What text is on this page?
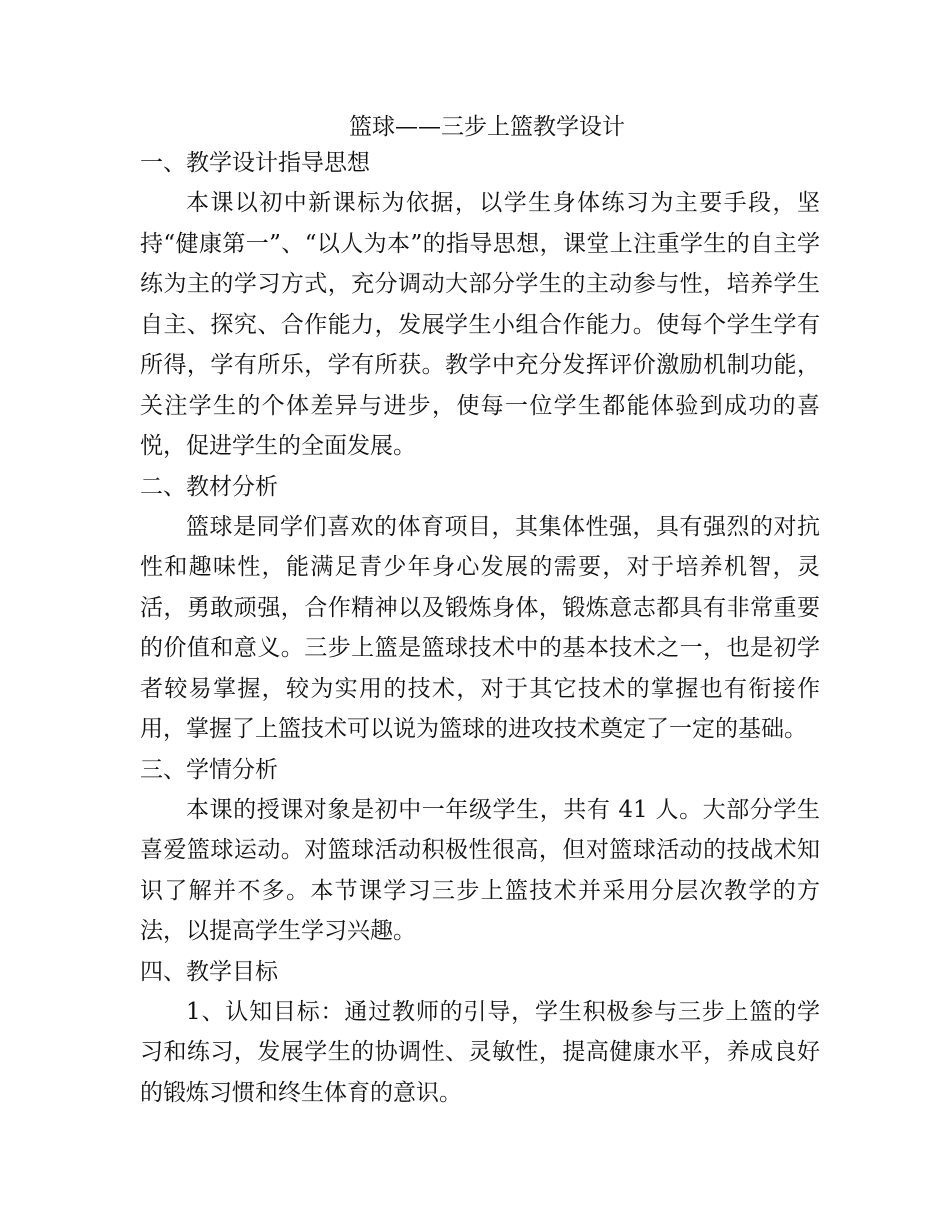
篮球——三步上篮教学设计
一、教学设计指导思想

本课以初中新课标为依据，以学生身体练习为主要手段，坚持“健康第一”、“以人为本”的指导思想，课堂上注重学生的自主学练为主的学习方式，充分调动大部分学生的主动参与性，培养学生自主、探究、合作能力，发展学生小组合作能力。使每个学生学有所得，学有所乐，学有所获。教学中充分发挥评价激励机制功能，关注学生的个体差异与进步，使每一位学生都能体验到成功的喜悦，促进学生的全面发展。

二、教材分析

篮球是同学们喜欢的体育项目，其集体性强，具有强烈的对抗性和趣味性，能满足青少年身心发展的需要，对于培养机智，灵活，勇敢顽强，合作精神以及锻炼身体，锻炼意志都具有非常重要的价值和意义。三步上篮是篮球技术中的基本技术之一，也是初学者较易掌握，较为实用的技术，对于其它技术的掌握也有衔接作用，掌握了上篮技术可以说为篮球的进攻技术奠定了一定的基础。

三、学情分析

本课的授课对象是初中一年级学生，共有 41 人。大部分学生喜爱篮球运动。对篮球活动积极性很高，但对篮球活动的技战术知识了解并不多。本节课学习三步上篮技术并采用分层次教学的方法，以提高学生学习兴趣。

四、教学目标

1、认知目标：通过教师的引导，学生积极参与三步上篮的学习和练习，发展学生的协调性、灵敏性，提高健康水平，养成良好的锻炼习惯和终生体育的意识。
